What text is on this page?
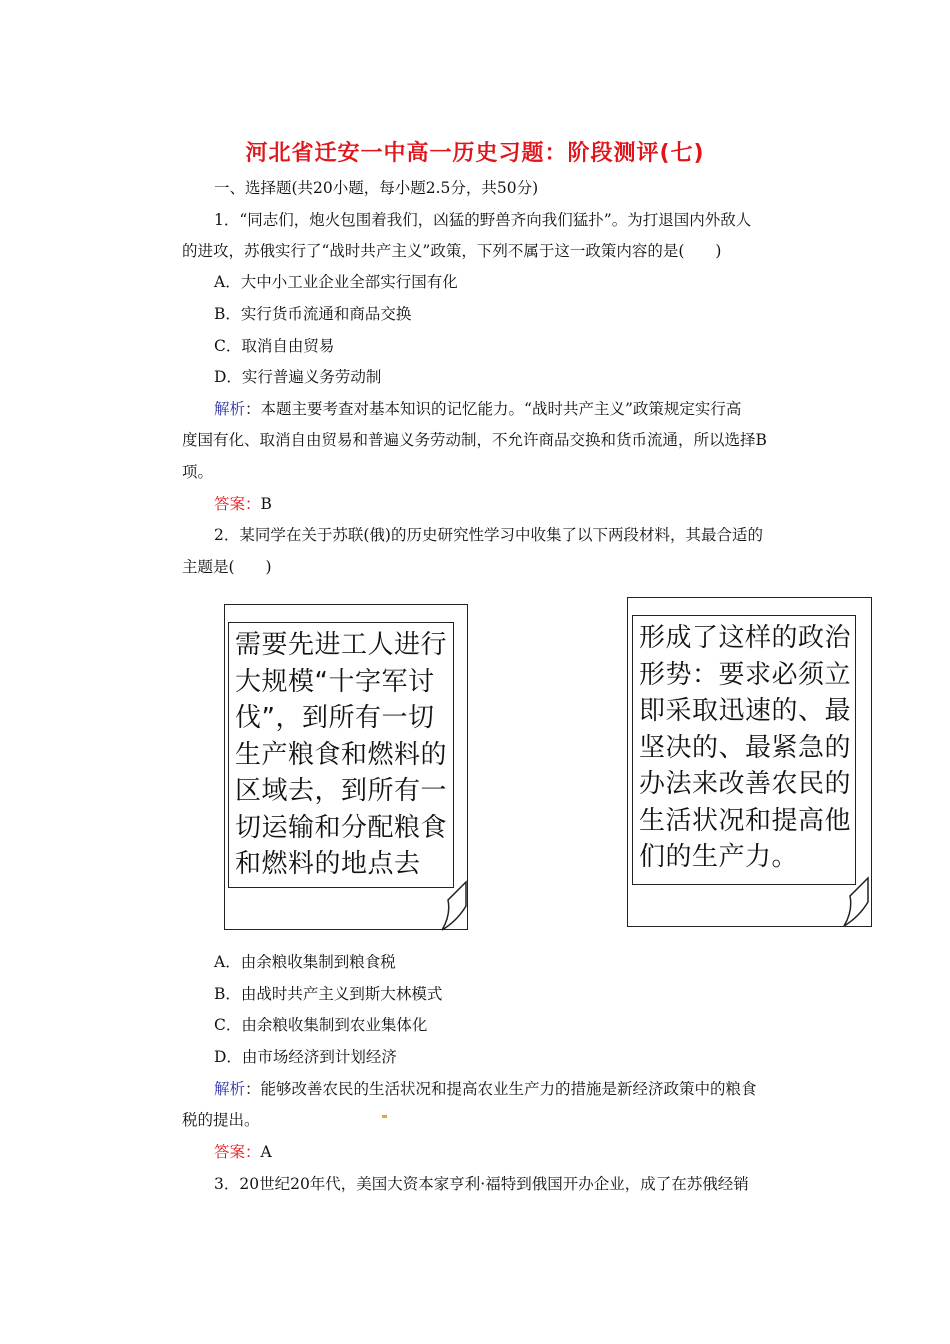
河北省迁安一中高一历史习题：阶段测评(七)
一、选择题(共20小题，每小题2.5分，共50分)
1．“同志们，炮火包围着我们，凶猛的野兽齐向我们猛扑”。为打退国内外敌人
的进攻，苏俄实行了“战时共产主义”政策，下列不属于这一政策内容的是(　　)
A．大中小工业企业全部实行国有化
B．实行货币流通和商品交换
C．取消自由贸易
D．实行普遍义务劳动制
解析：本题主要考查对基本知识的记忆能力。“战时共产主义”政策规定实行高
度国有化、取消自由贸易和普遍义务劳动制，不允许商品交换和货币流通，所以选择B
项。
答案：B
2．某同学在关于苏联(俄)的历史研究性学习中收集了以下两段材料，其最合适的
主题是(　　)
需要先进工人进行
大规模“十字军讨
伐”，到所有一切
生产粮食和燃料的
区域去，到所有一
切运输和分配粮食
和燃料的地点去
形成了这样的政治
形势：要求必须立
即采取迅速的、最
坚决的、最紧急的
办法来改善农民的
生活状况和提高他
们的生产力。
A．由余粮收集制到粮食税
B．由战时共产主义到斯大林模式
C．由余粮收集制到农业集体化
D．由市场经济到计划经济
解析：能够改善农民的生活状况和提高农业生产力的措施是新经济政策中的粮食
税的提出。
答案：A
3．20世纪20年代，美国大资本家亨利·福特到俄国开办企业，成了在苏俄经销
